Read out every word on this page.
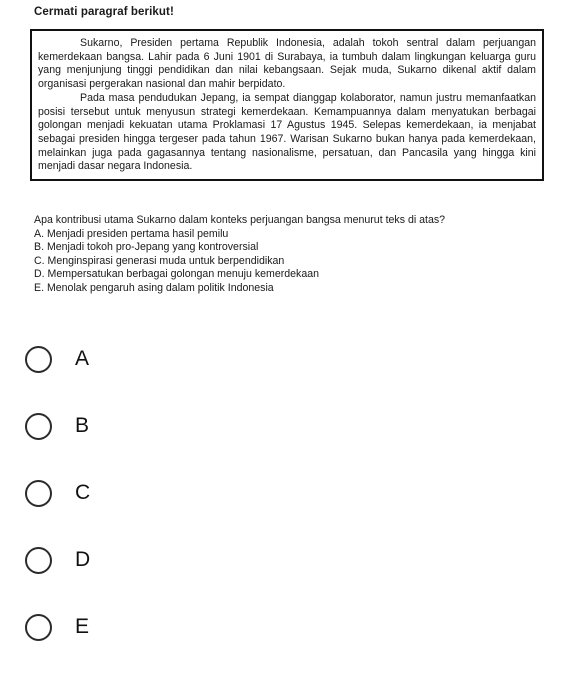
Cermati paragraf berikut!

Sukarno, Presiden pertama Republik Indonesia, adalah tokoh sentral dalam perjuangan kemerdekaan bangsa. Lahir pada 6 Juni 1901 di Surabaya, ia tumbuh dalam lingkungan keluarga guru yang menjunjung tinggi pendidikan dan nilai kebangsaan. Sejak muda, Sukarno dikenal aktif dalam organisasi pergerakan nasional dan mahir berpidato.

Pada masa pendudukan Jepang, ia sempat dianggap kolaborator, namun justru memanfaatkan posisi tersebut untuk menyusun strategi kemerdekaan. Kemampuannya dalam menyatukan berbagai golongan menjadi kekuatan utama Proklamasi 17 Agustus 1945. Selepas kemerdekaan, ia menjabat sebagai presiden hingga tergeser pada tahun 1967. Warisan Sukarno bukan hanya pada kemerdekaan, melainkan juga pada gagasannya tentang nasionalisme, persatuan, dan Pancasila yang hingga kini menjadi dasar negara Indonesia.

Apa kontribusi utama Sukarno dalam konteks perjuangan bangsa menurut teks di atas?

A. Menjadi presiden pertama hasil pemilu
B. Menjadi tokoh pro-Jepang yang kontroversial
C. Menginspirasi generasi muda untuk berpendidikan
D. Mempersatukan berbagai golongan menuju kemerdekaan
E. Menolak pengaruh asing dalam politik Indonesia
A
B
C
D
E
